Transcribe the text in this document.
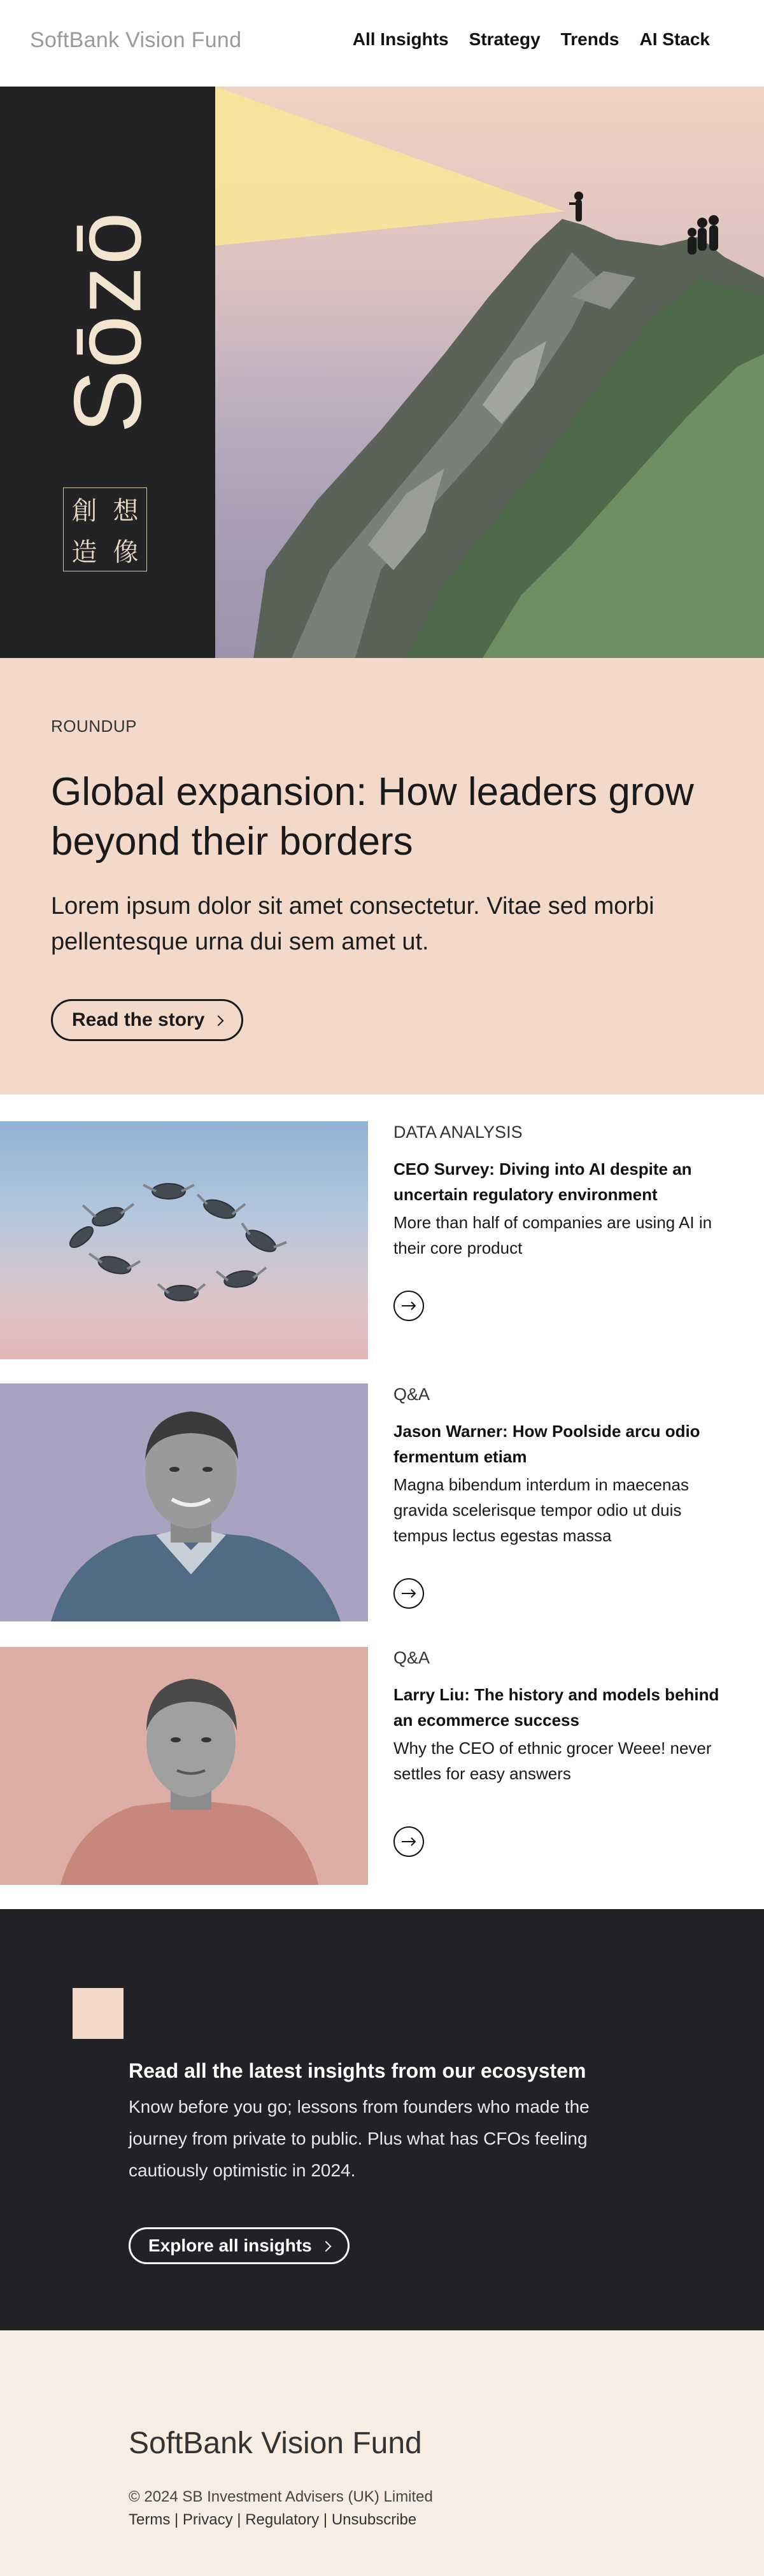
SoftBank Vision Fund	All Insights Strategy Trends AI Stack
Sōzō
創 想
造 像
ROUNDUP
Global expansion: How leaders grow beyond their borders

Lorem ipsum dolor sit amet consectetur. Vitae sed morbi pellentesque urna dui sem amet ut.

Read the story
DATA ANALYSIS
CEO Survey: Diving into AI despite an uncertain regulatory environment
More than half of companies are using AI in their core product
Q&A
Jason Warner: How Poolside arcu odio fermentum etiam
Magna bibendum interdum in maecenas gravida scelerisque tempor odio ut duis tempus lectus egestas massa
Q&A
Larry Liu: The history and models behind an ecommerce success
Why the CEO of ethnic grocer Weee! never settles for easy answers
Read all the latest insights from our ecosystem

Know before you go; lessons from founders who made the journey from private to public. Plus what has CFOs feeling cautiously optimistic in 2024.

Explore all insights
SoftBank Vision Fund
© 2024 SB Investment Advisers (UK) Limited
Terms | Privacy | Regulatory | Unsubscribe
